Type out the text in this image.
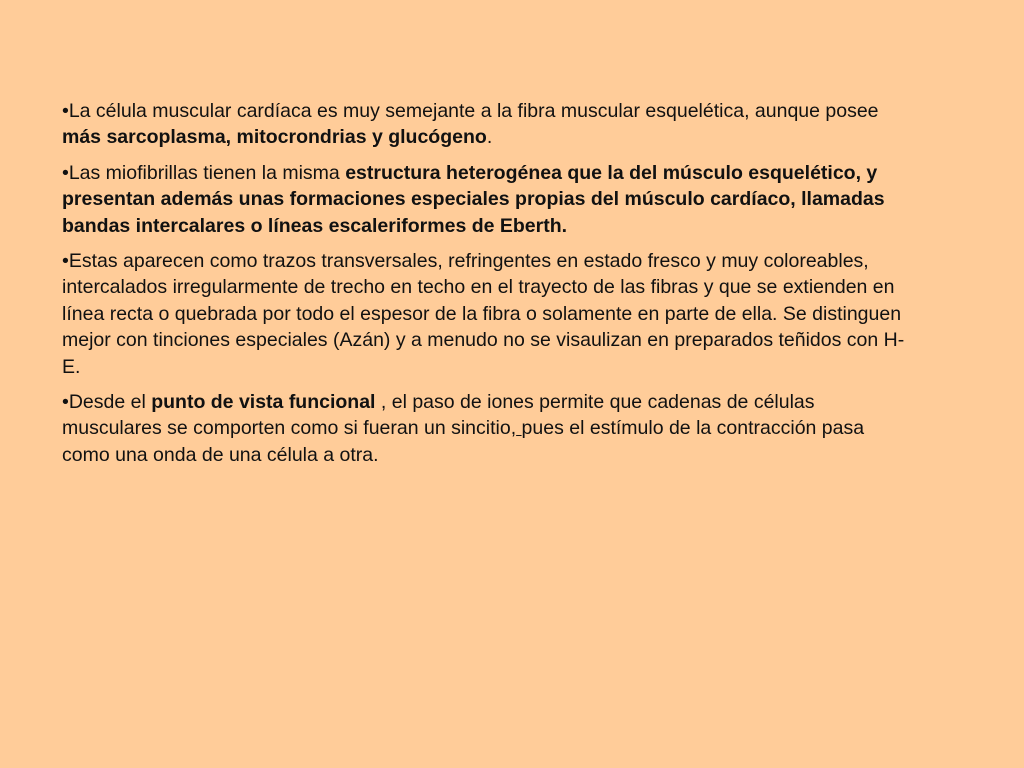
•La célula muscular cardíaca es muy semejante a la fibra muscular esquelética, aunque posee más sarcoplasma, mitocrondrias y glucógeno.

•Las miofibrillas tienen la misma estructura heterogénea que la del músculo esquelético, y presentan además unas formaciones especiales propias del músculo cardíaco, llamadas bandas intercalares o líneas escaleriformes de Eberth.

•Estas aparecen como trazos transversales, refringentes en estado fresco y muy coloreables, intercalados irregularmente de trecho en techo en el trayecto de las fibras y que se extienden en línea recta o quebrada por todo el espesor de la fibra o solamente en parte de ella. Se distinguen mejor con tinciones especiales (Azán) y a menudo no se visaulizan en preparados teñidos con H-E.

•Desde el punto de vista funcional , el paso de iones permite que cadenas de células musculares se comporten como si fueran un sincitio, pues el estímulo de la contracción pasa como una onda de una célula a otra.
